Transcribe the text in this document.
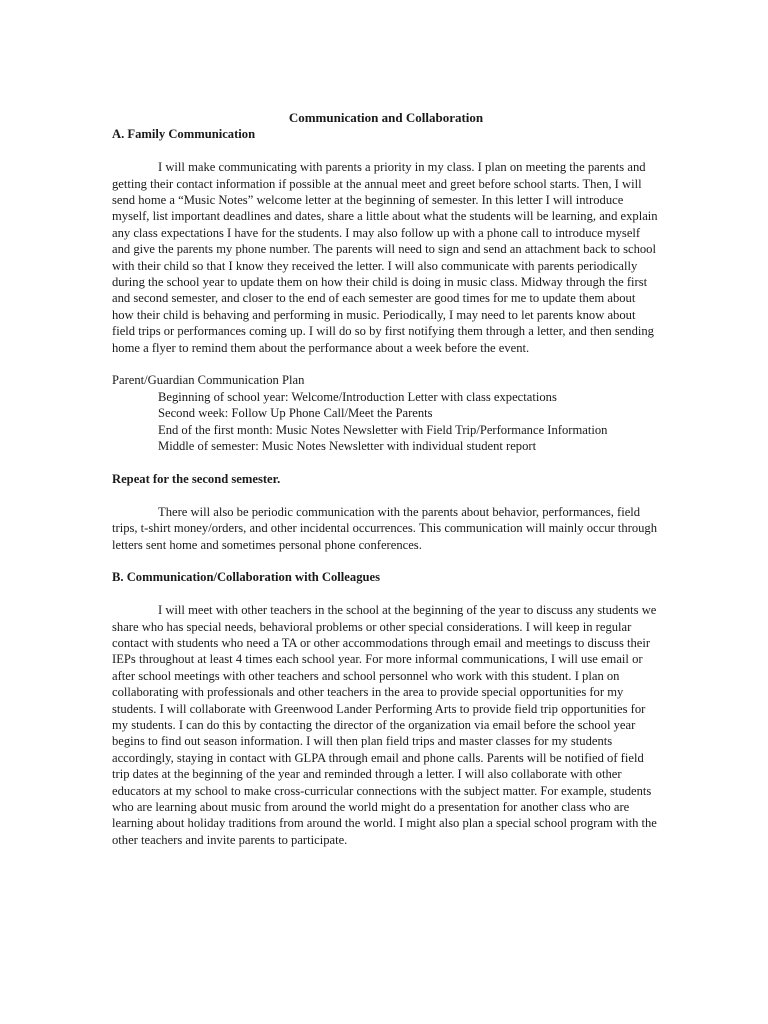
Communication and Collaboration

A. Family Communication

I will make communicating with parents a priority in my class. I plan on meeting the parents and getting their contact information if possible at the annual meet and greet before school starts. Then, I will send home a “Music Notes” welcome letter at the beginning of semester. In this letter I will introduce myself, list important deadlines and dates, share a little about what the students will be learning, and explain any class expectations I have for the students. I may also follow up with a phone call to introduce myself and give the parents my phone number. The parents will need to sign and send an attachment back to school with their child so that I know they received the letter. I will also communicate with parents periodically during the school year to update them on how their child is doing in music class. Midway through the first and second semester, and closer to the end of each semester are good times for me to update them about how their child is behaving and performing in music. Periodically, I may need to let parents know about field trips or performances coming up. I will do so by first notifying them through a letter, and then sending home a flyer to remind them about the performance about a week before the event.

Parent/Guardian Communication Plan

Beginning of school year: Welcome/Introduction Letter with class expectations

Second week: Follow Up Phone Call/Meet the Parents

End of the first month: Music Notes Newsletter with Field Trip/Performance Information

Middle of semester: Music Notes Newsletter with individual student report

Repeat for the second semester.

There will also be periodic communication with the parents about behavior, performances, field trips, t-shirt money/orders, and other incidental occurrences. This communication will mainly occur through letters sent home and sometimes personal phone conferences.

B. Communication/Collaboration with Colleagues

I will meet with other teachers in the school at the beginning of the year to discuss any students we share who has special needs, behavioral problems or other special considerations. I will keep in regular contact with students who need a TA or other accommodations through email and meetings to discuss their IEPs throughout at least 4 times each school year. For more informal communications, I will use email or after school meetings with other teachers and school personnel who work with this student. I plan on collaborating with professionals and other teachers in the area to provide special opportunities for my students. I will collaborate with Greenwood Lander Performing Arts to provide field trip opportunities for my students. I can do this by contacting the director of the organization via email before the school year begins to find out season information. I will then plan field trips and master classes for my students accordingly, staying in contact with GLPA through email and phone calls. Parents will be notified of field trip dates at the beginning of the year and reminded through a letter. I will also collaborate with other educators at my school to make cross-curricular connections with the subject matter. For example, students who are learning about music from around the world might do a presentation for another class who are learning about holiday traditions from around the world. I might also plan a special school program with the other teachers and invite parents to participate.
